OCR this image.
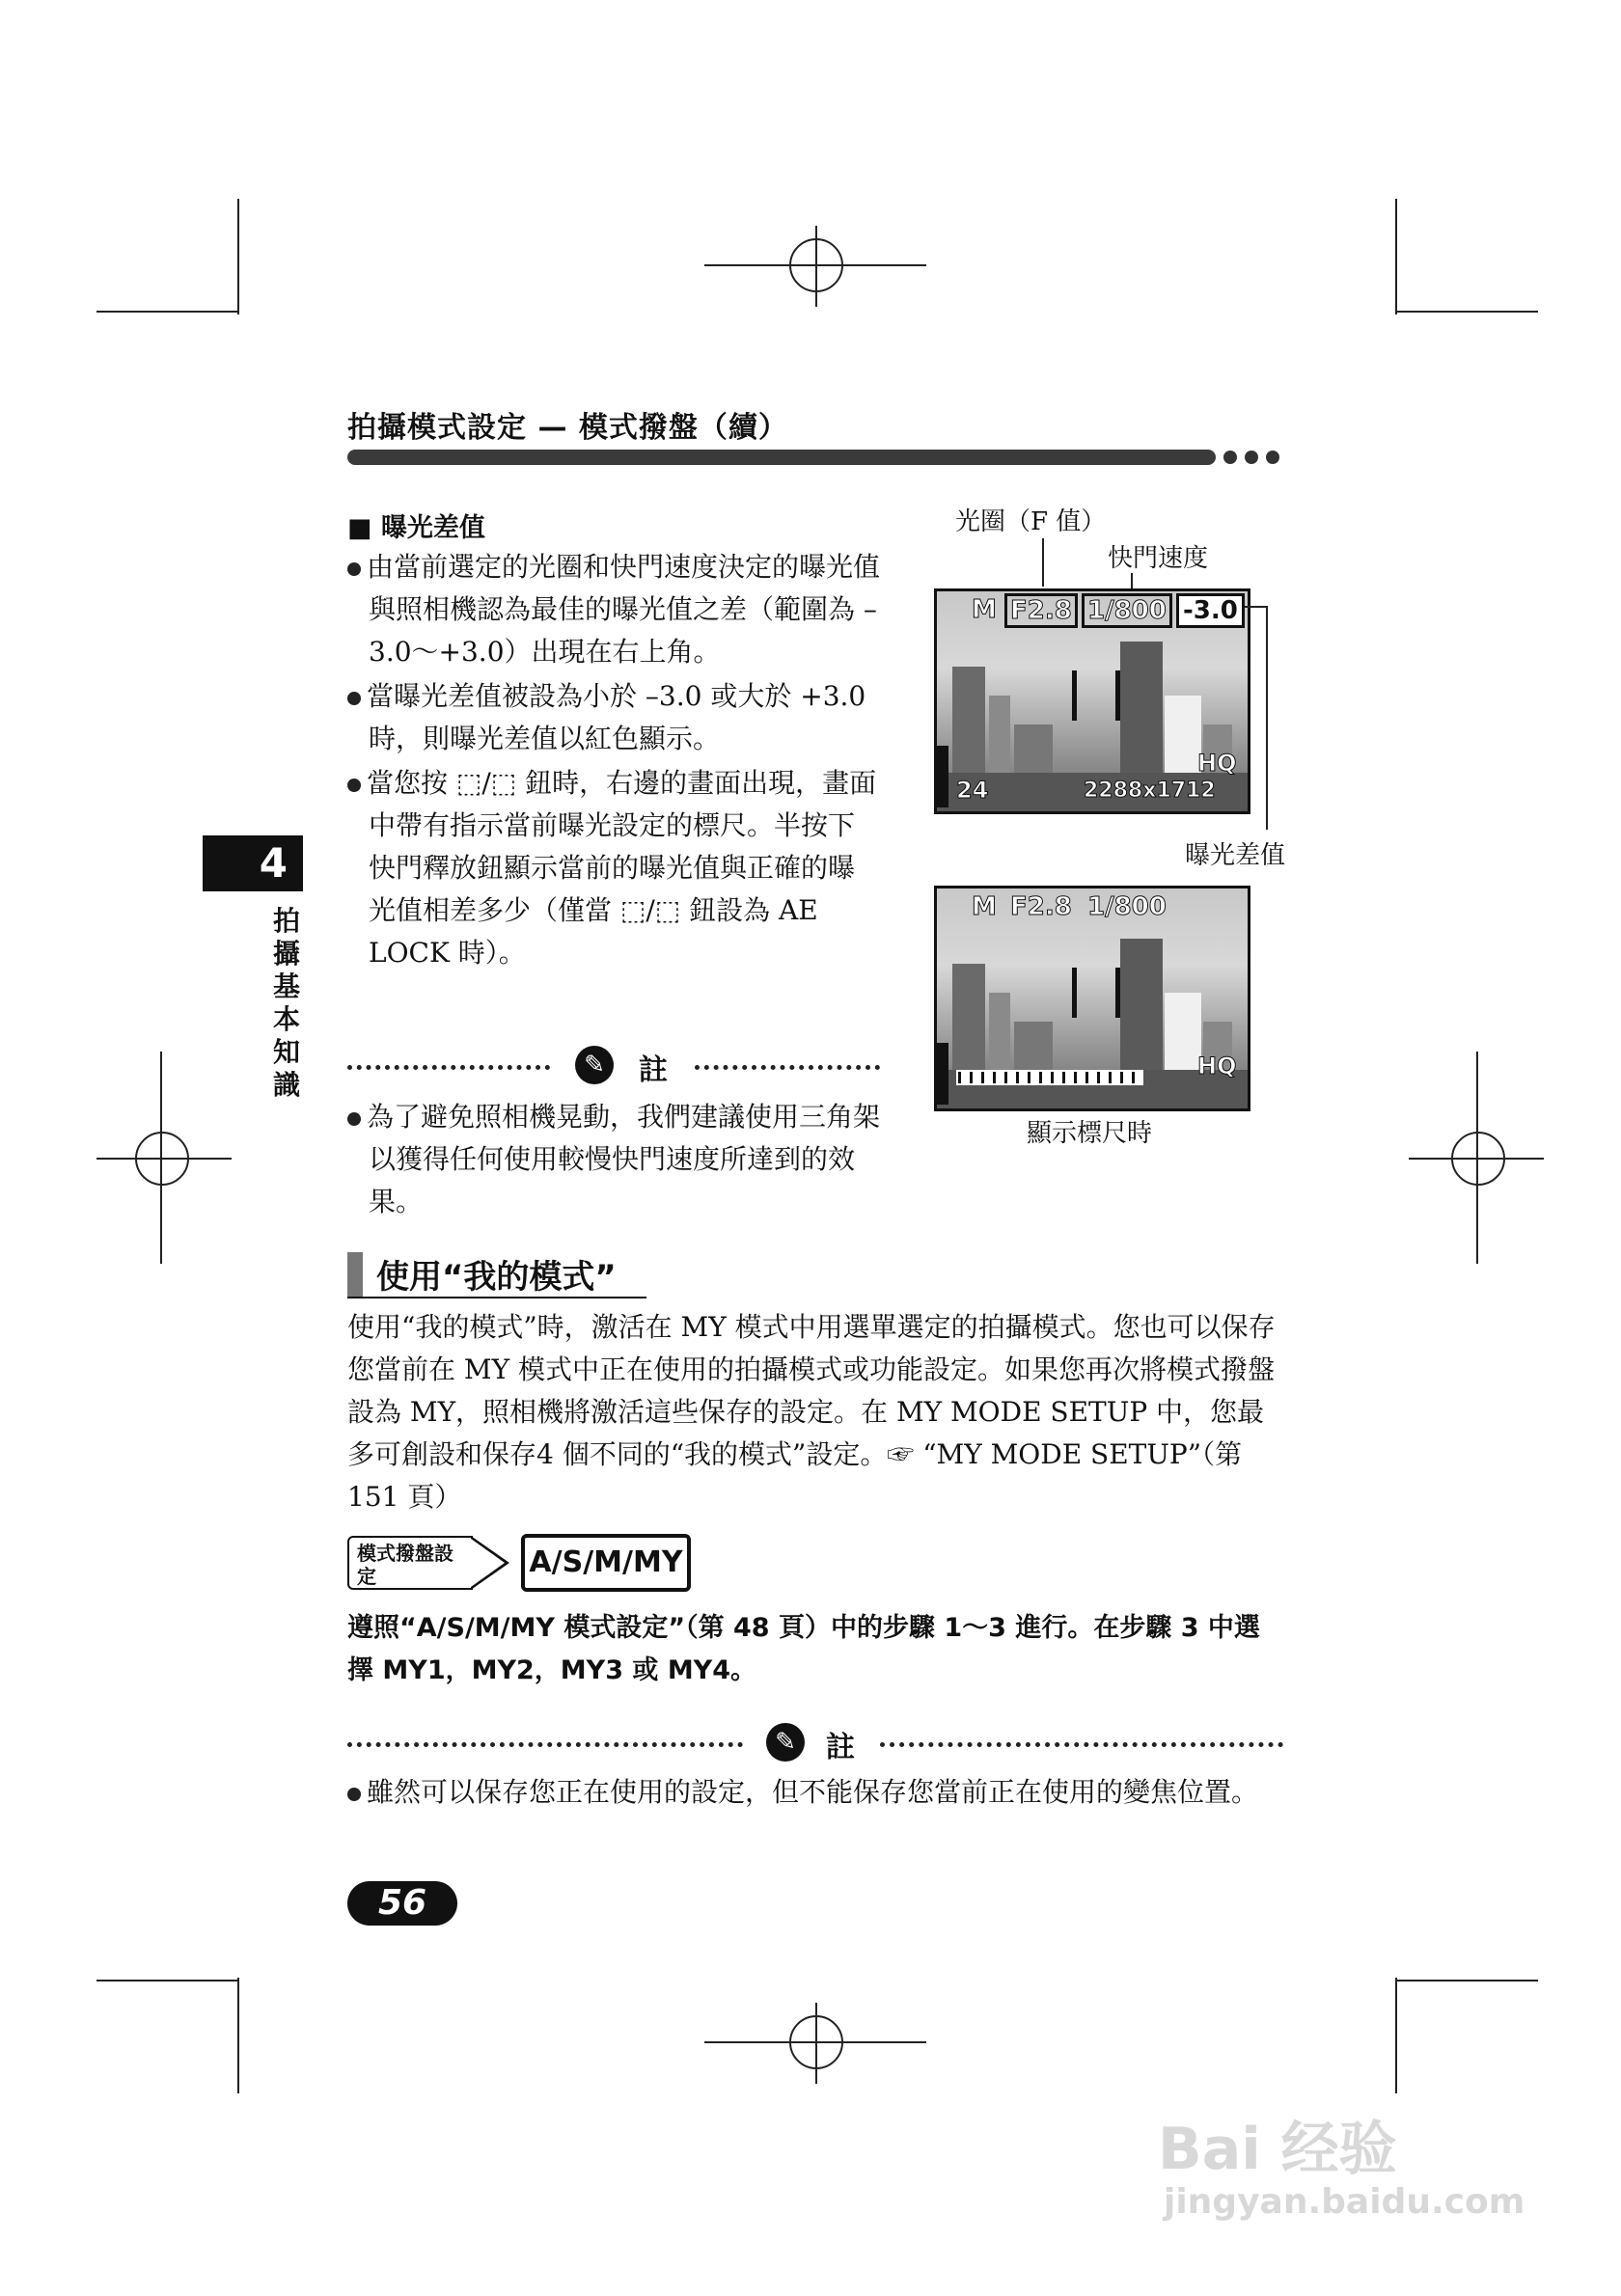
拍攝模式設定 — 模式撥盤（續）
■ 曝光差值
由當前選定的光圈和快門速度決定的曝光值與照相機認為最佳的曝光值之差（範圍為 –3.0～+3.0）出現在右上角。
當曝光差值被設為小於 –3.0 或大於 +3.0 時，則曝光差值以紅色顯示。
當您按 ⬚/⬚ 鈕時，右邊的畫面出現，畫面中帶有指示當前曝光設定的標尺。半按下快門釋放鈕顯示當前的曝光值與正確的曝光值相差多少（僅當 ⬚/⬚ 鈕設為 AE LOCK 時）。
光圈（F 值）
快門速度
M F2.8 1/800 -3.0
HQ
24	2288x1712
曝光差值
M F2.8 1/800
HQ
顯示標尺時
✎	註
為了避免照相機晃動，我們建議使用三角架以獲得任何使用較慢快門速度所達到的效果。
4
拍攝基本知識
使用“我的模式”
使用“我的模式”時，激活在 MY 模式中用選單選定的拍攝模式。您也可以保存您當前在 MY 模式中正在使用的拍攝模式或功能設定。如果您再次將模式撥盤設為 MY，照相機將激活這些保存的設定。在 MY MODE SETUP 中，您最多可創設和保存4 個不同的“我的模式”設定。☞ “MY MODE SETUP”（第 151 頁）
模式撥盤設定	A/S/M/MY
遵照“A/S/M/MY 模式設定”（第 48 頁）中的步驟 1～3 進行。在步驟 3 中選擇 MY1，MY2，MY3 或 MY4。
✎	註
雖然可以保存您正在使用的設定，但不能保存您當前正在使用的變焦位置。
56
Bai 经验
jingyan.baidu.com
